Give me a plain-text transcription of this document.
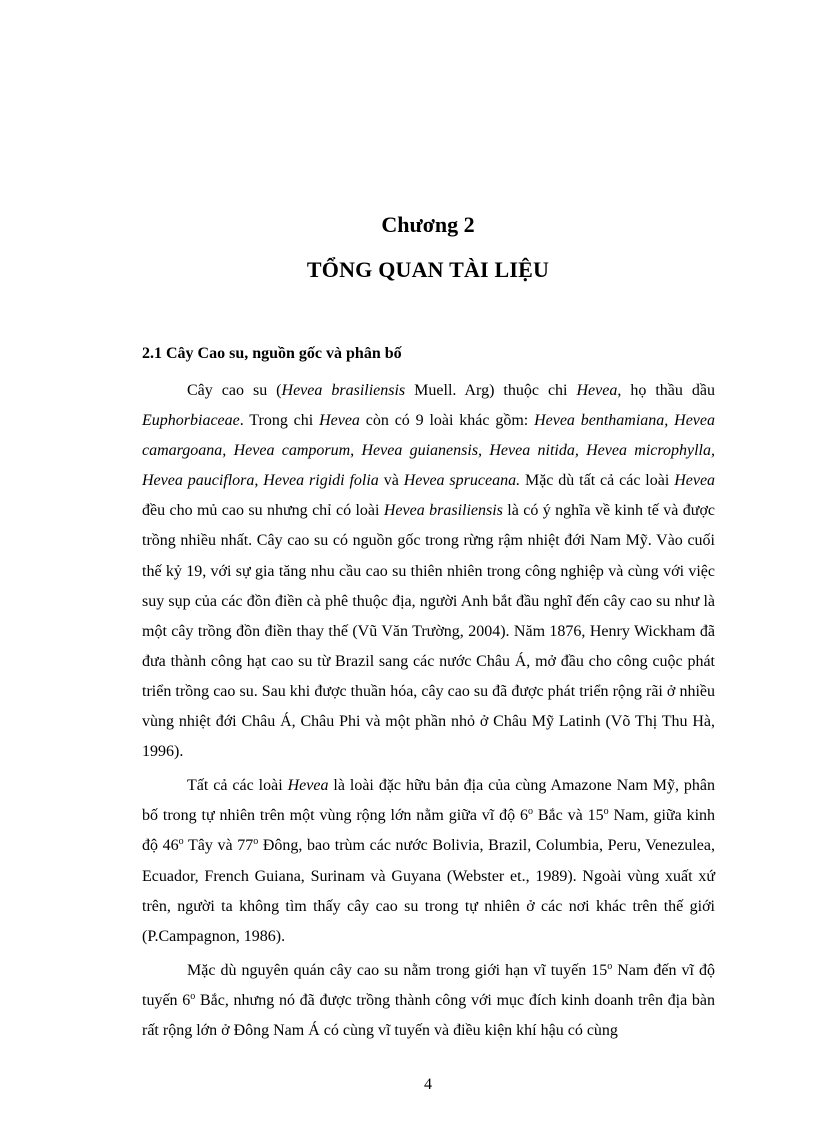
Chương 2
TỔNG QUAN TÀI LIỆU
2.1 Cây Cao su, nguồn gốc và phân bố

Cây cao su (Hevea brasiliensis Muell. Arg) thuộc chi Hevea, họ thầu dầu Euphorbiaceae. Trong chi Hevea còn có 9 loài khác gồm: Hevea benthamiana, Hevea camargoana, Hevea camporum, Hevea guianensis, Hevea nitida, Hevea microphylla, Hevea pauciflora, Hevea rigidi folia và Hevea spruceana. Mặc dù tất cả các loài Hevea đều cho mủ cao su nhưng chỉ có loài Hevea brasiliensis là có ý nghĩa về kinh tế và được trồng nhiều nhất. Cây cao su có nguồn gốc trong rừng rậm nhiệt đới Nam Mỹ. Vào cuối thế kỷ 19, với sự gia tăng nhu cầu cao su thiên nhiên trong công nghiệp và cùng với việc suy sụp của các đồn điền cà phê thuộc địa, người Anh bắt đầu nghĩ đến cây cao su như là một cây trồng đồn điền thay thế (Vũ Văn Trường, 2004). Năm 1876, Henry Wickham đã đưa thành công hạt cao su từ Brazil sang các nước Châu Á, mở đầu cho công cuộc phát triển trồng cao su. Sau khi được thuần hóa, cây cao su đã được phát triển rộng rãi ở nhiều vùng nhiệt đới Châu Á, Châu Phi và một phần nhỏ ở Châu Mỹ Latinh (Võ Thị Thu Hà, 1996).

Tất cả các loài Hevea là loài đặc hữu bản địa của cùng Amazone Nam Mỹ, phân bố trong tự nhiên trên một vùng rộng lớn nằm giữa vĩ độ 6$^o$ Bắc và 15$^o$ Nam, giữa kinh độ 46$^o$ Tây và 77$^o$ Đông, bao trùm các nước Bolivia, Brazil, Columbia, Peru, Venezulea, Ecuador, French Guiana, Surinam và Guyana (Webster et., 1989). Ngoài vùng xuất xứ trên, người ta không tìm thấy cây cao su trong tự nhiên ở các nơi khác trên thế giới (P.Campagnon, 1986).

Mặc dù nguyên quán cây cao su nằm trong giới hạn vĩ tuyến 15$^o$ Nam đến vĩ độ tuyến 6$^o$ Bắc, nhưng nó đã được trồng thành công với mục đích kinh doanh trên địa bàn rất rộng lớn ở Đông Nam Á có cùng vĩ tuyến và điều kiện khí hậu có cùng

4
